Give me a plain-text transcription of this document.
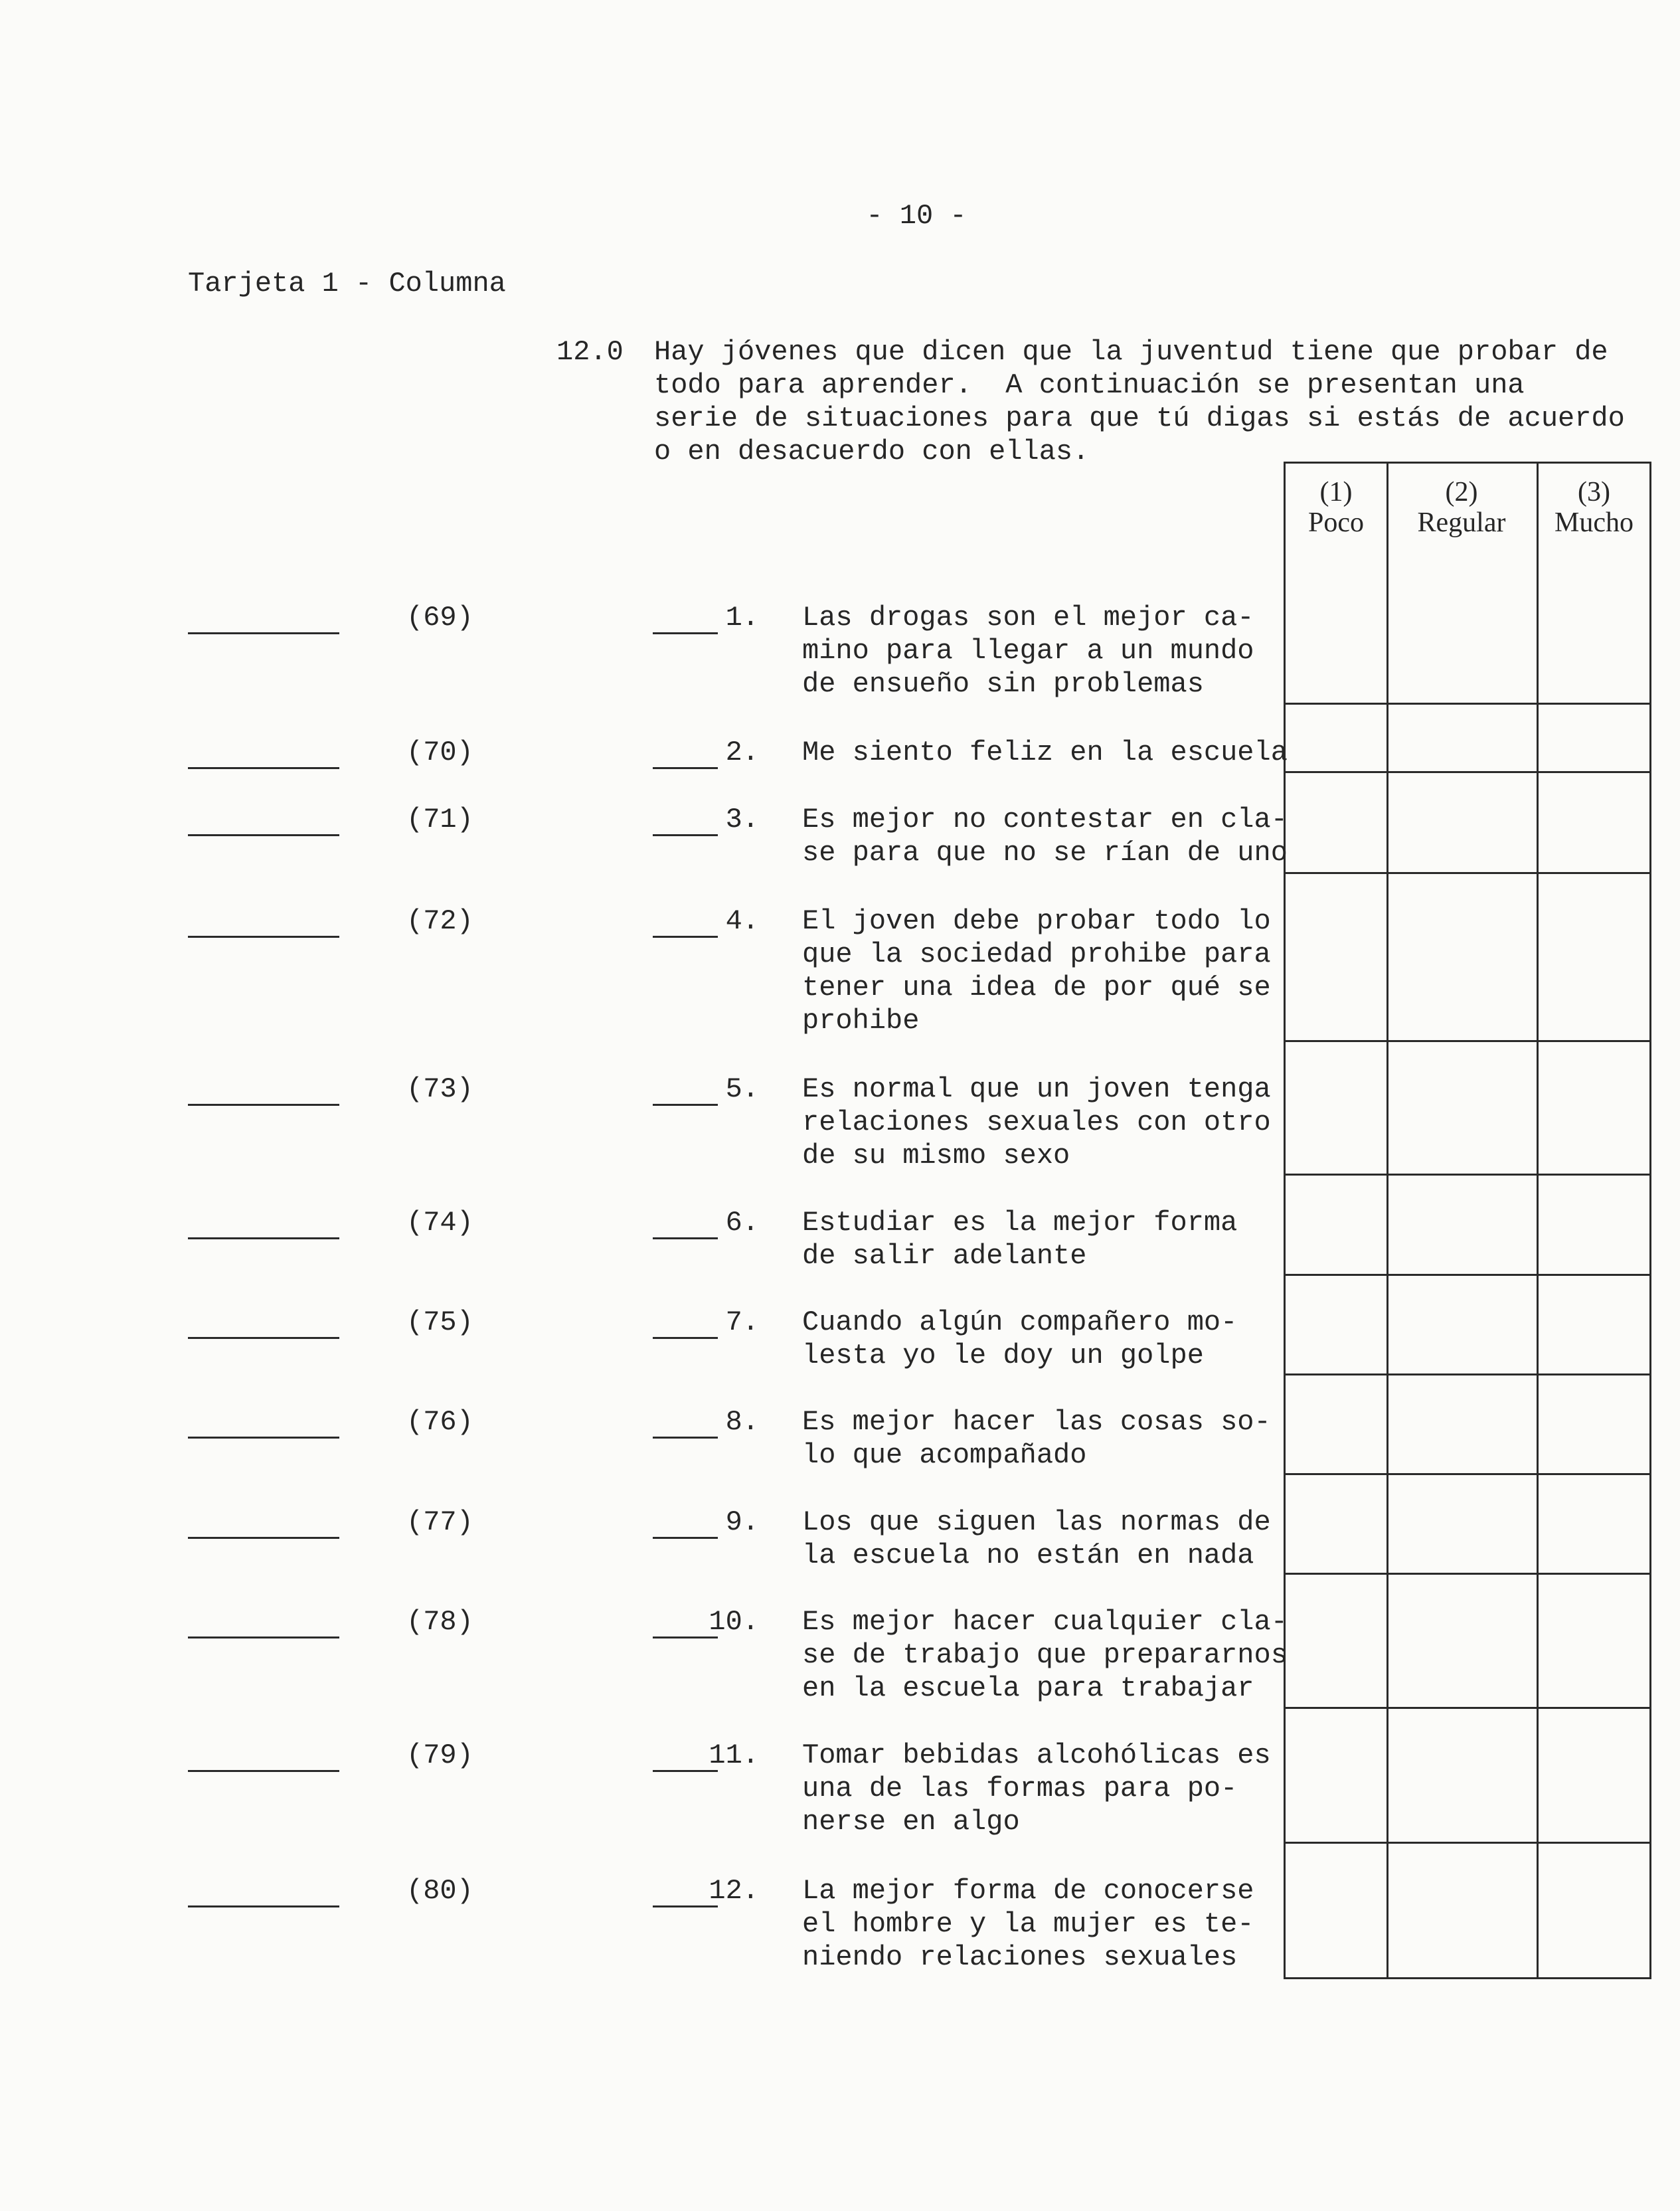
- 10 -
Tarjeta 1 - Columna
12.0 Hay jóvenes que dicen que la juventud tiene que probar de
todo para aprender.  A continuación se presentan una
serie de situaciones para que tú digas si estás de acuerdo
o en desacuerdo con ellas.
(1)
Poco
(2)
Regular
(3)
Mucho
(69)	1. Las drogas son el mejor ca-
mino para llegar a un mundo
de ensueño sin problemas
(70)	2. Me siento feliz en la escuela
(71)	3. Es mejor no contestar en cla-
se para que no se rían de uno
(72)	4. El joven debe probar todo lo
que la sociedad prohibe para
tener una idea de por qué se
prohibe
(73)	5. Es normal que un joven tenga
relaciones sexuales con otro
de su mismo sexo
(74)	6. Estudiar es la mejor forma
de salir adelante
(75)	7. Cuando algún compañero mo-
lesta yo le doy un golpe
(76)	8. Es mejor hacer las cosas so-
lo que acompañado
(77)	9. Los que siguen las normas de
la escuela no están en nada
(78)	10. Es mejor hacer cualquier cla-
se de trabajo que prepararnos
en la escuela para trabajar
(79)	11. Tomar bebidas alcohólicas es
una de las formas para po-
nerse en algo
(80)	12. La mejor forma de conocerse
el hombre y la mujer es te-
niendo relaciones sexuales
